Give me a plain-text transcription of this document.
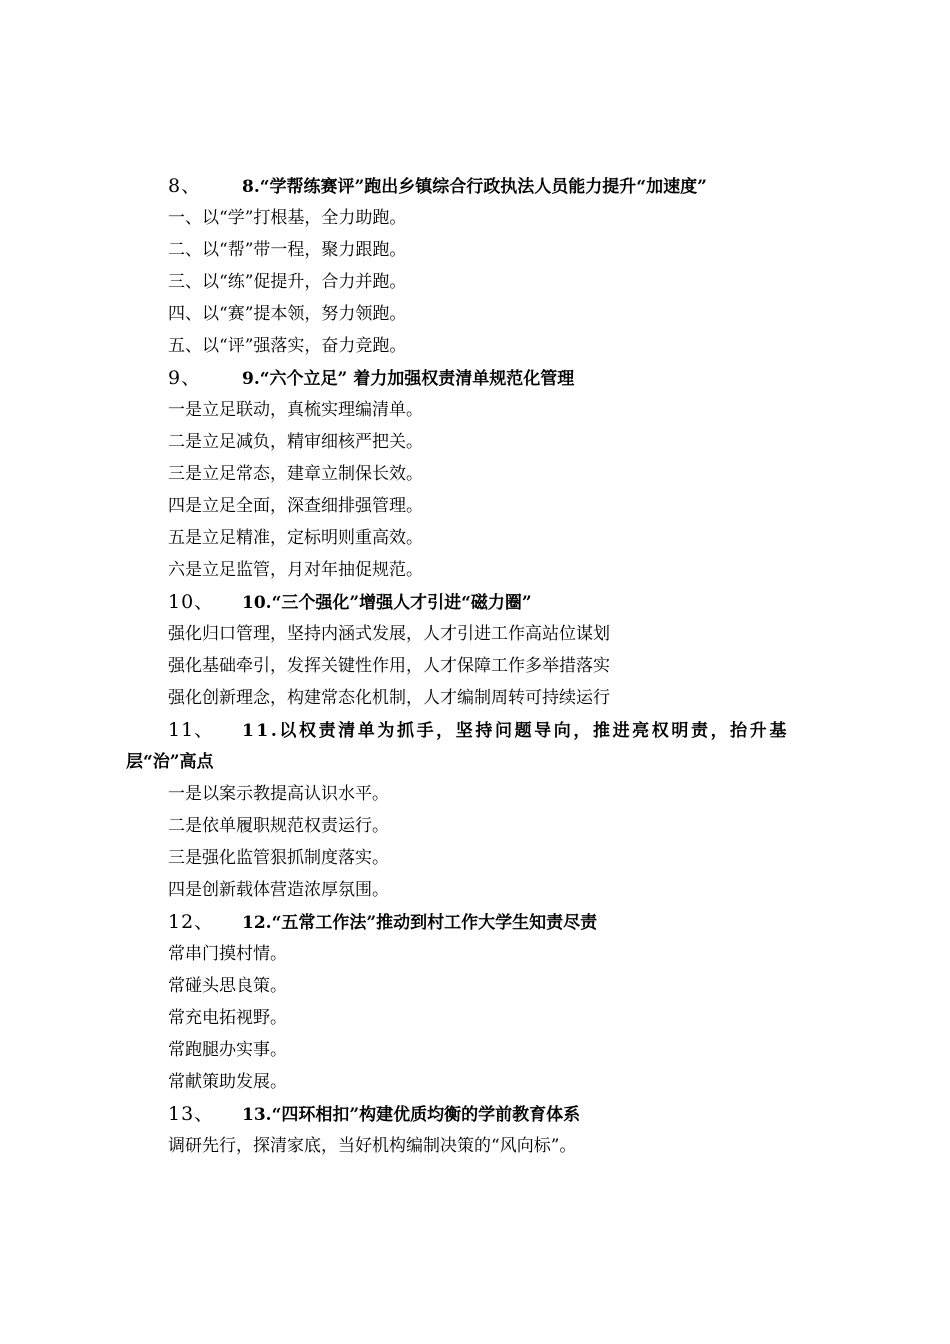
8、	8.“学帮练赛评”跑出乡镇综合行政执法人员能力提升“加速度”
一、以“学”打根基，全力助跑。
二、以“帮”带一程，聚力跟跑。
三、以“练”促提升，合力并跑。
四、以“赛”提本领，努力领跑。
五、以“评”强落实，奋力竞跑。
9、	9.“六个立足” 着力加强权责清单规范化管理
一是立足联动，真梳实理编清单。
二是立足减负，精审细核严把关。
三是立足常态，建章立制保长效。
四是立足全面，深查细排强管理。
五是立足精准，定标明则重高效。
六是立足监管，月对年抽促规范。
10、	10.“三个强化”增强人才引进“磁力圈”
强化归口管理，坚持内涵式发展，人才引进工作高站位谋划
强化基础牵引，发挥关键性作用，人才保障工作多举措落实
强化创新理念，构建常态化机制，人才编制周转可持续运行
11、	11.以权责清单为抓手，坚持问题导向，推进亮权明责，抬升基
层“治”高点
一是以案示教提高认识水平。
二是依单履职规范权责运行。
三是强化监管狠抓制度落实。
四是创新载体营造浓厚氛围。
12、	12.“五常工作法”推动到村工作大学生知责尽责
常串门摸村情。
常碰头思良策。
常充电拓视野。
常跑腿办实事。
常献策助发展。
13、	13.“四环相扣”构建优质均衡的学前教育体系
调研先行，探清家底，当好机构编制决策的“风向标”。
